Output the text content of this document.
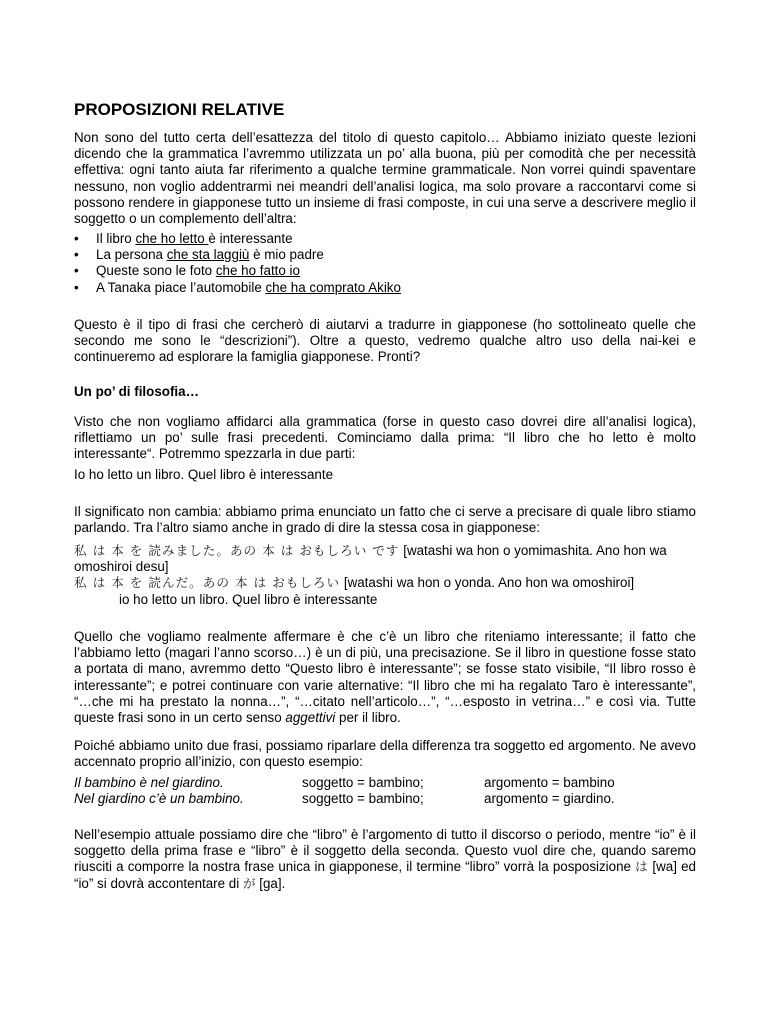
PROPOSIZIONI RELATIVE

Non sono del tutto certa dell’esattezza del titolo di questo capitolo… Abbiamo iniziato queste lezioni dicendo che la grammatica l’avremmo utilizzata un po’ alla buona, più per comodità che per necessità effettiva: ogni tanto aiuta far riferimento a qualche termine grammaticale. Non vorrei quindi spaventare nessuno, non voglio addentrarmi nei meandri dell’analisi logica, ma solo provare a raccontarvi come si possono rendere in giapponese tutto un insieme di frasi composte, in cui una serve a descrivere meglio il soggetto o un complemento dell’altra:

• Il libro che ho letto è interessante
• La persona che sta laggiù è mio padre
• Queste sono le foto che ho fatto io
• A Tanaka piace l’automobile che ha comprato Akiko

Questo è il tipo di frasi che cercherò di aiutarvi a tradurre in giapponese (ho sottolineato quelle che secondo me sono le “descrizioni”). Oltre a questo, vedremo qualche altro uso della nai-kei e continueremo ad esplorare la famiglia giapponese. Pronti?

Un po’ di filosofia…

Visto che non vogliamo affidarci alla grammatica (forse in questo caso dovrei dire all’analisi logica), riflettiamo un po’ sulle frasi precedenti. Cominciamo dalla prima: “Il libro che ho letto è molto interessante“. Potremmo spezzarla in due parti:

Io ho letto un libro. Quel libro è interessante

Il significato non cambia: abbiamo prima enunciato un fatto che ci serve a precisare di quale libro stiamo parlando. Tra l’altro siamo anche in grado di dire la stessa cosa in giapponese:

私 は 本 を 読みました。あの 本 は おもしろい です [watashi wa hon o yomimashita. Ano hon wa omoshiroi desu]
私 は 本 を 読んだ。あの 本 は おもしろい [watashi wa hon o yonda. Ano hon wa omoshiroi]
io ho letto un libro. Quel libro è interessante

Quello che vogliamo realmente affermare è che c’è un libro che riteniamo interessante; il fatto che l’abbiamo letto (magari l’anno scorso…) è un di più, una precisazione. Se il libro in questione fosse stato a portata di mano, avremmo detto “Questo libro è interessante”; se fosse stato visibile, “Il libro rosso è interessante”; e potrei continuare con varie alternative: “Il libro che mi ha regalato Taro è interessante”, “…che mi ha prestato la nonna…”, “…citato nell’articolo…”, “…esposto in vetrina…” e così via. Tutte queste frasi sono in un certo senso aggettivi per il libro.

Poiché abbiamo unito due frasi, possiamo riparlare della differenza tra soggetto ed argomento. Ne avevo accennato proprio all’inizio, con questo esempio:

Il bambino è nel giardino.	soggetto = bambino;	argomento = bambino
Nel giardino c’è un bambino.	soggetto = bambino;	argomento = giardino.

Nell’esempio attuale possiamo dire che “libro” è l’argomento di tutto il discorso o periodo, mentre “io” è il soggetto della prima frase e “libro” è il soggetto della seconda. Questo vuol dire che, quando saremo riusciti a comporre la nostra frase unica in giapponese, il termine “libro” vorrà la posposizione は [wa] ed “io” si dovrà accontentare di が [ga].
